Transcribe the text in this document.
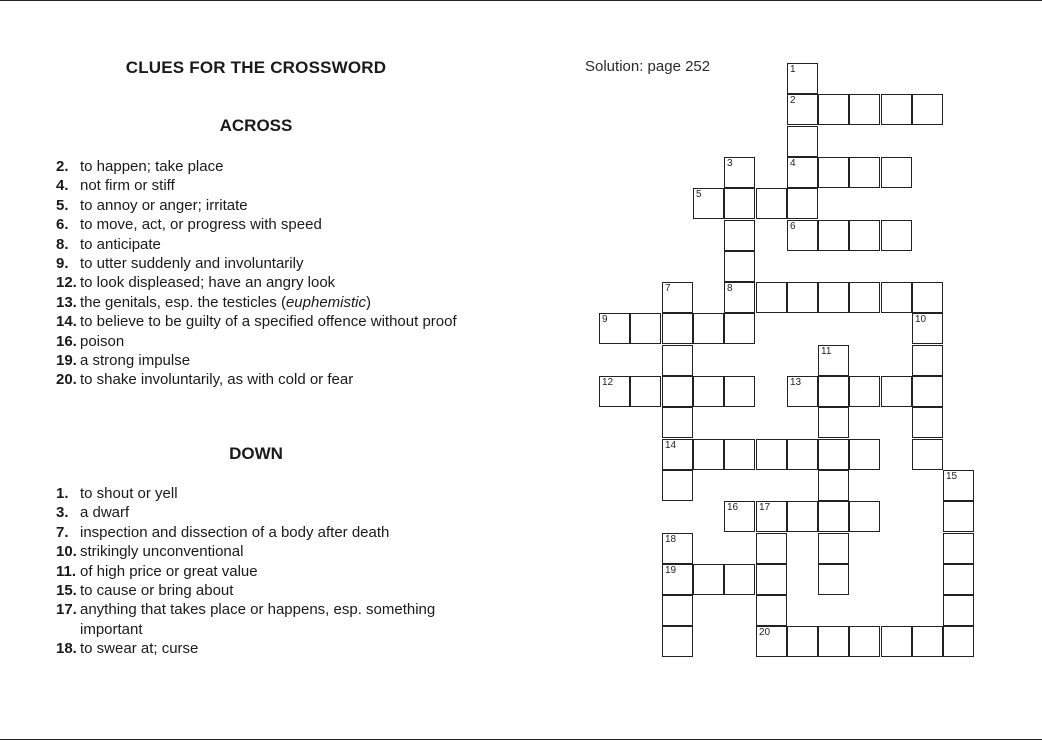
CLUES FOR THE CROSSWORD
ACROSS
2. to happen; take place
4. not firm or stiff
5. to annoy or anger; irritate
6. to move, act, or progress with speed
8. to anticipate
9. to utter suddenly and involuntarily
12. to look displeased; have an angry look
13. the genitals, esp. the testicles (euphemistic)
14. to believe to be guilty of a specified offence without proof
16. poison
19. a strong impulse
20. to shake involuntarily, as with cold or fear
DOWN
1. to shout or yell
3. a dwarf
7. inspection and dissection of a body after death
10. strikingly unconventional
11. of high price or great value
15. to cause or bring about
17. anything that takes place or happens, esp. something important
18. to swear at; curse
Solution: page 252	1
2
3	4
5
6
7	8
9	10
11
12	13
14
15
16 17
18
19
20
